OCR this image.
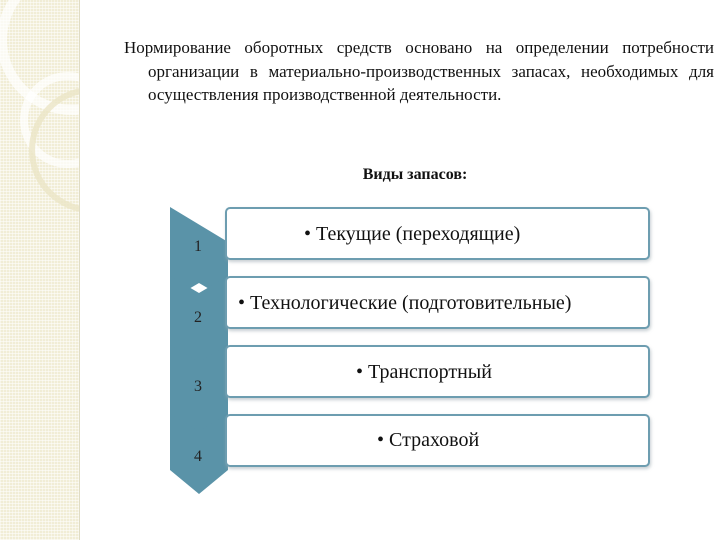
Нормирование оборотных средств основано на определении потребности организации в материально-производственных запасах, необходимых для осуществления производственной деятельности.

Виды запасов:
1
2
3
4
• Текущие (переходящие)
• Технологические (подготовительные)
• Транспортный
• Страховой
